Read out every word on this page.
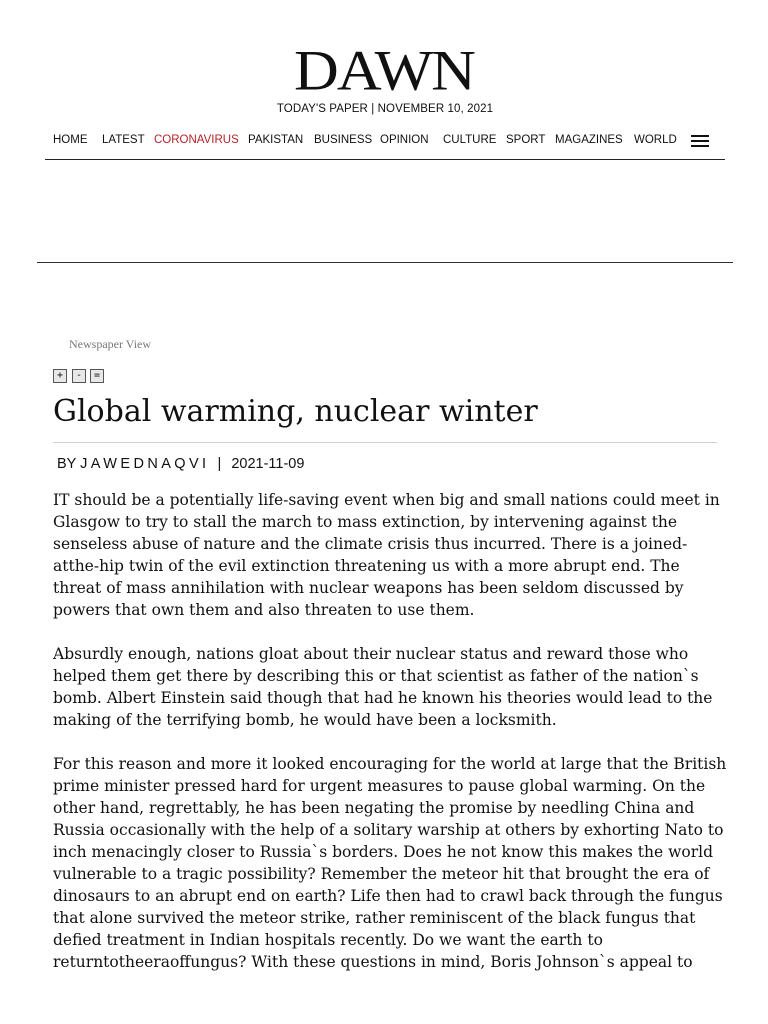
DAWN
TODAY'S PAPER | NOVEMBER 10, 2021
HOME LATEST CORONAVIRUS PAKISTAN BUSINESS OPINION CULTURE SPORT MAGAZINES WORLD
Newspaper View
+	-	=
Global warming, nuclear winter
BY JAWEDNAQVI | 2021-11-09

IT should be a potentially life-saving event when big and small nations could meet in
Glasgow to try to stall the march to mass extinction, by intervening against the
senseless abuse of nature and the climate crisis thus incurred. There is a joined-
atthe-hip twin of the evil extinction threatening us with a more abrupt end. The
threat of mass annihilation with nuclear weapons has been seldom discussed by
powers that own them and also threaten to use them.

Absurdly enough, nations gloat about their nuclear status and reward those who
helped them get there by describing this or that scientist as father of the nation`s
bomb. Albert Einstein said though that had he known his theories would lead to the
making of the terrifying bomb, he would have been a locksmith.

For this reason and more it looked encouraging for the world at large that the British
prime minister pressed hard for urgent measures to pause global warming. On the
other hand, regrettably, he has been negating the promise by needling China and
Russia occasionally with the help of a solitary warship at others by exhorting Nato to
inch menacingly closer to Russia`s borders. Does he not know this makes the world
vulnerable to a tragic possibility? Remember the meteor hit that brought the era of
dinosaurs to an abrupt end on earth? Life then had to crawl back through the fungus
that alone survived the meteor strike, rather reminiscent of the black fungus that
defied treatment in Indian hospitals recently. Do we want the earth to
returntotheeraoffungus? With these questions in mind, Boris Johnson`s appeal to
